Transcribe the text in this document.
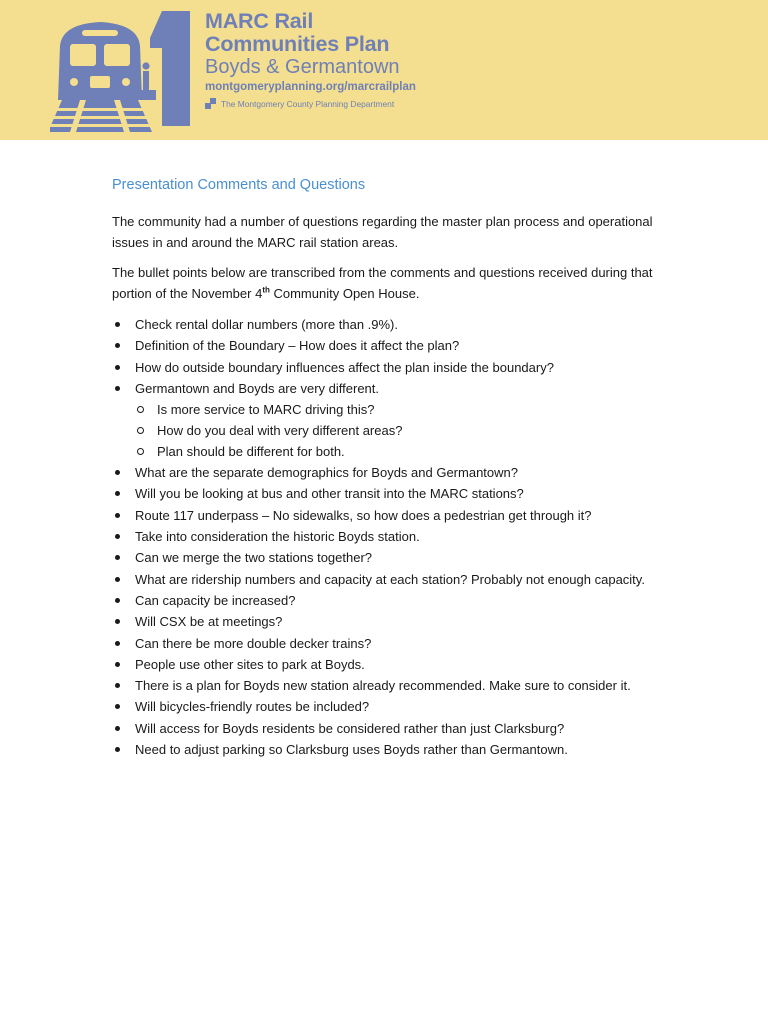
MARC Rail
Communities Plan
Boyds & Germantown
montgomeryplanning.org/marcrailplan
The Montgomery County Planning Department
Presentation Comments and Questions

The community had a number of questions regarding the master plan process and operational issues in and around the MARC rail station areas.

The bullet points below are transcribed from the comments and questions received during that portion of the November 4th Community Open House.

Check rental dollar numbers (more than .9%).
Definition of the Boundary – How does it affect the plan?
How do outside boundary influences affect the plan inside the boundary?
Germantown and Boyds are very different.
Is more service to MARC driving this?
How do you deal with very different areas?
Plan should be different for both.
What are the separate demographics for Boyds and Germantown?
Will you be looking at bus and other transit into the MARC stations?
Route 117 underpass – No sidewalks, so how does a pedestrian get through it?
Take into consideration the historic Boyds station.
Can we merge the two stations together?
What are ridership numbers and capacity at each station? Probably not enough capacity.
Can capacity be increased?
Will CSX be at meetings?
Can there be more double decker trains?
People use other sites to park at Boyds.
There is a plan for Boyds new station already recommended. Make sure to consider it.
Will bicycles-friendly routes be included?
Will access for Boyds residents be considered rather than just Clarksburg?
Need to adjust parking so Clarksburg uses Boyds rather than Germantown.
